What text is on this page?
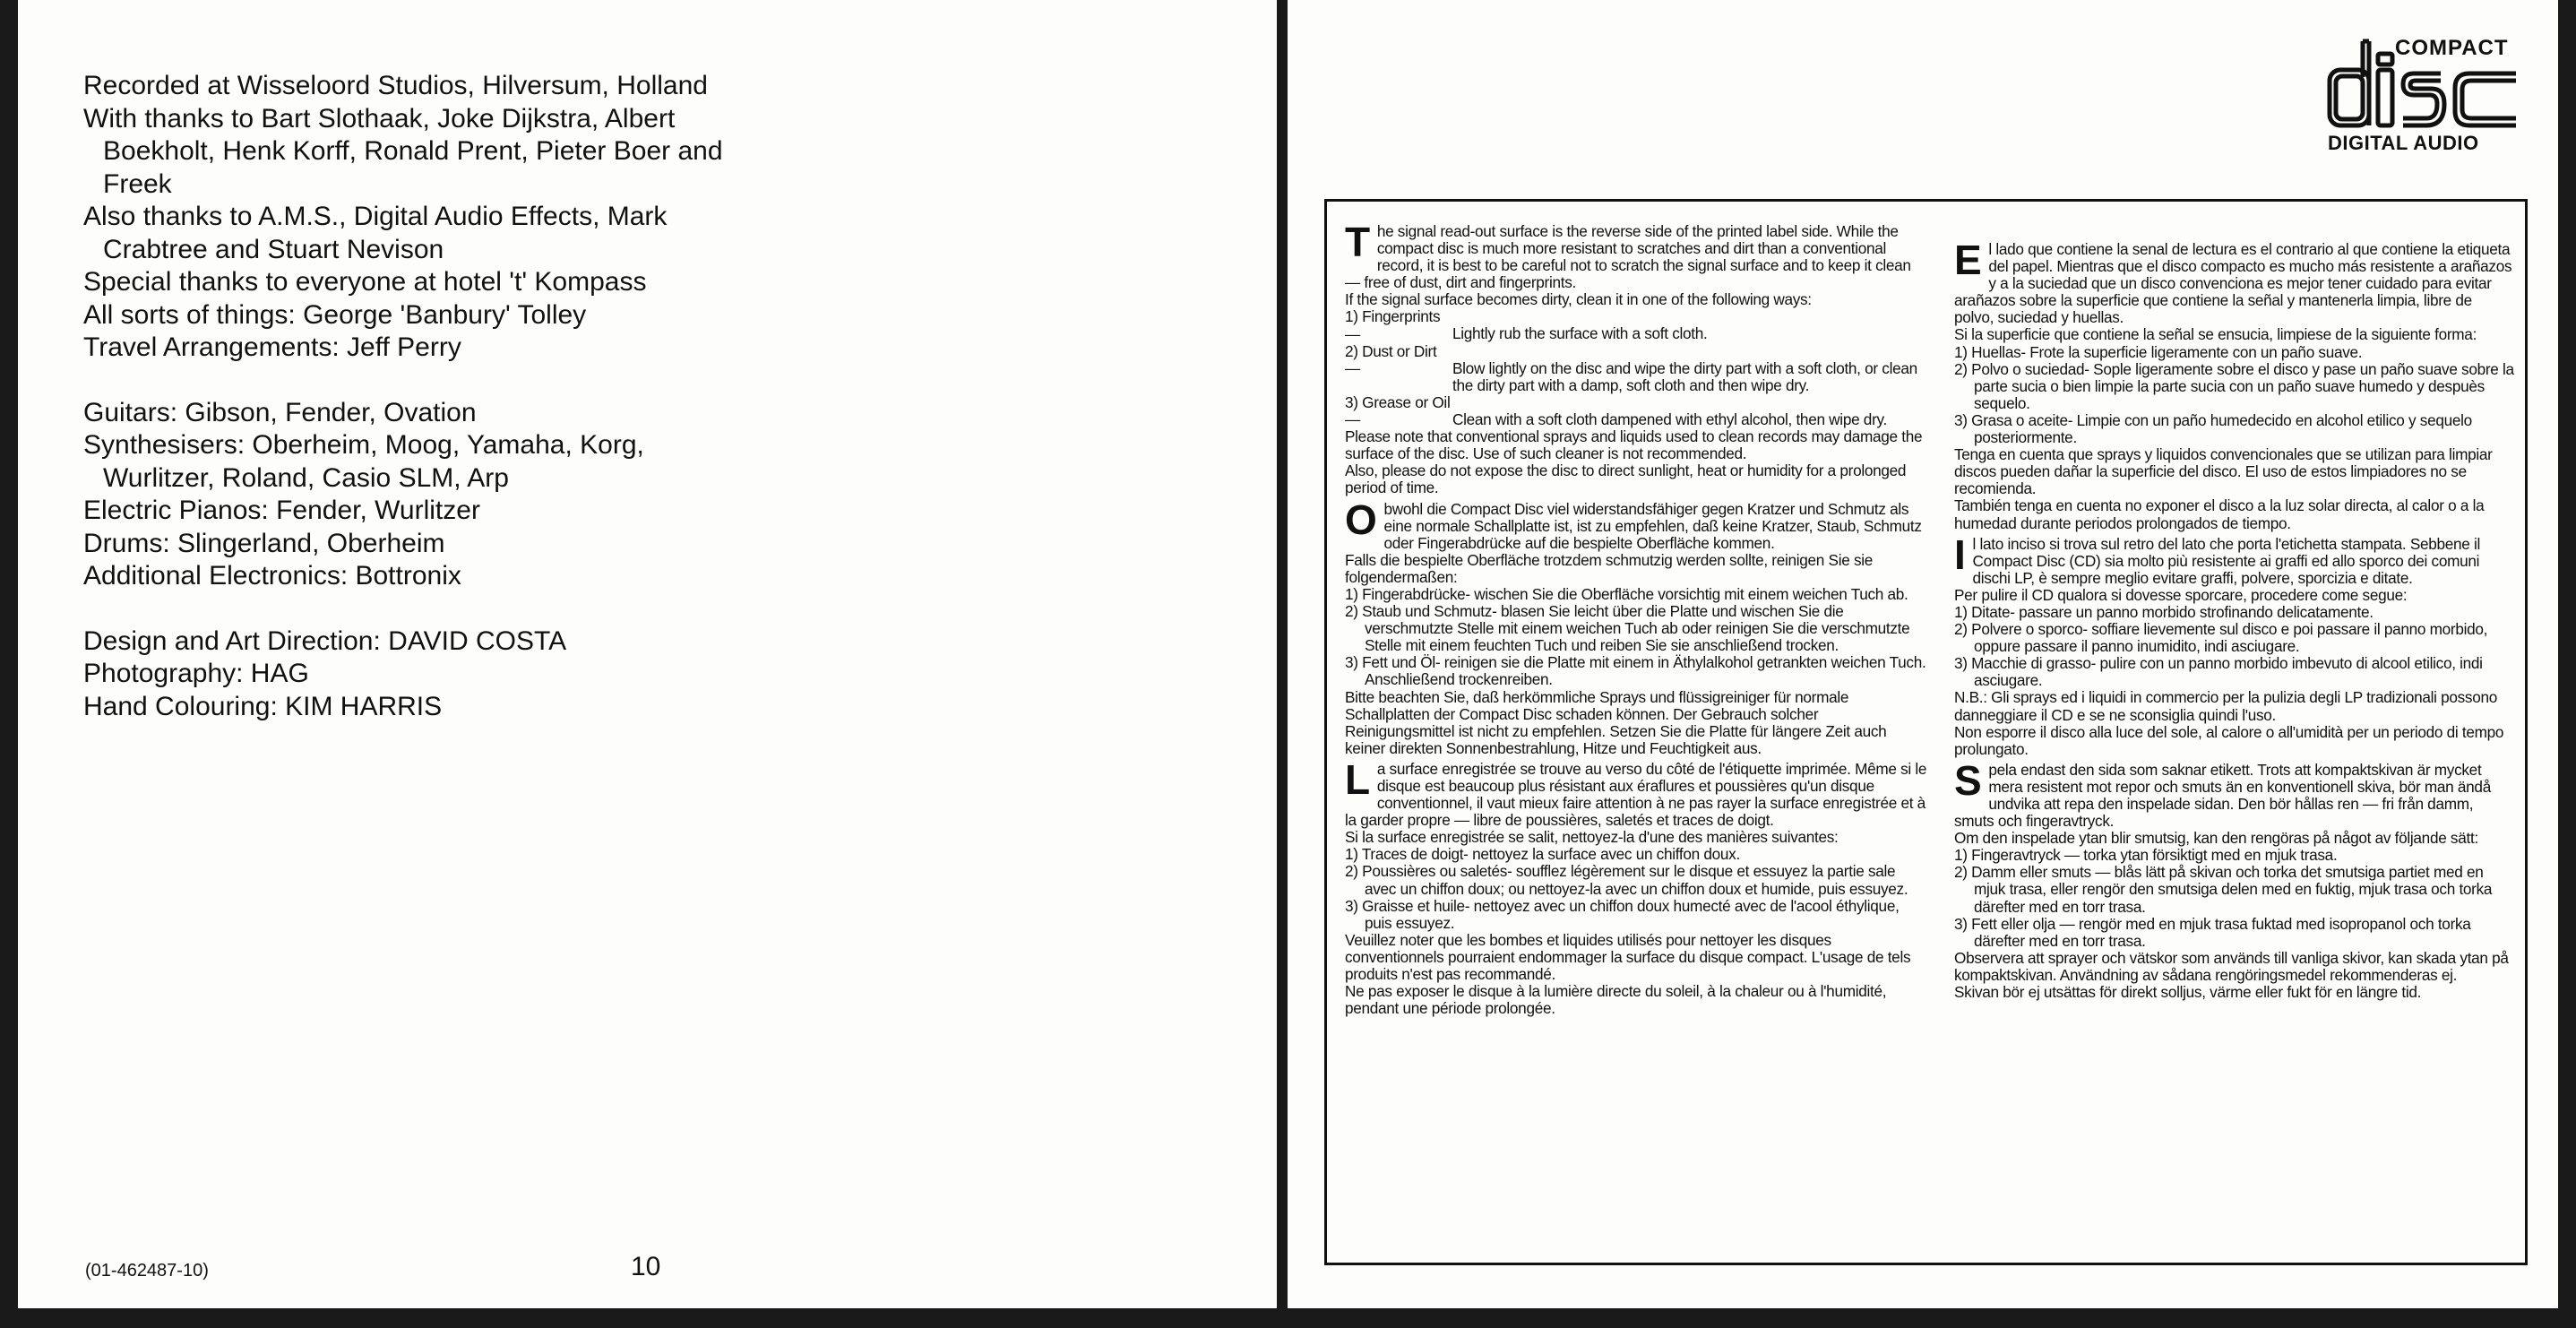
Recorded at Wisseloord Studios, Hilversum, Holland

With thanks to Bart Slothaak, Joke Dijkstra, Albert Boekholt, Henk Korff, Ronald Prent, Pieter Boer and Freek

Also thanks to A.M.S., Digital Audio Effects, Mark Crabtree and Stuart Nevison

Special thanks to everyone at hotel 't' Kompass

All sorts of things: George 'Banbury' Tolley

Travel Arrangements: Jeff Perry

Guitars: Gibson, Fender, Ovation

Synthesisers: Oberheim, Moog, Yamaha, Korg, Wurlitzer, Roland, Casio SLM, Arp

Electric Pianos: Fender, Wurlitzer

Drums: Slingerland, Oberheim

Additional Electronics: Bottronix

Design and Art Direction: DAVID COSTA

Photography: HAG

Hand Colouring: KIM HARRIS

(01-462487-10)	10
COMPACT
DIGITAL AUDIO

The signal read-out surface is the reverse side of the printed label side. While the compact disc is much more resistant to scratches and dirt than a conventional record, it is best to be careful not to scratch the signal surface and to keep it clean — free of dust, dirt and fingerprints.

If the signal surface becomes dirty, clean it in one of the following ways:

1) Fingerprints —	Lightly rub the surface with a soft cloth.

2) Dust or Dirt —	Blow lightly on the disc and wipe the dirty part with a soft cloth, or clean the dirty part with a damp, soft cloth and then wipe dry.

3) Grease or Oil —	Clean with a soft cloth dampened with ethyl alcohol, then wipe dry.

Please note that conventional sprays and liquids used to clean records may damage the surface of the disc. Use of such cleaner is not recommended.

Also, please do not expose the disc to direct sunlight, heat or humidity for a prolonged period of time.

Obwohl die Compact Disc viel widerstandsfähiger gegen Kratzer und Schmutz als eine normale Schallplatte ist, ist zu empfehlen, daß keine Kratzer, Staub, Schmutz oder Fingerabdrücke auf die bespielte Oberfläche kommen.

Falls die bespielte Oberfläche trotzdem schmutzig werden sollte, reinigen Sie sie folgendermaßen:

1) Fingerabdrücke- wischen Sie die Oberfläche vorsichtig mit einem weichen Tuch ab.

2) Staub und Schmutz- blasen Sie leicht über die Platte und wischen Sie die verschmutzte Stelle mit einem weichen Tuch ab oder reinigen Sie die verschmutzte Stelle mit einem feuchten Tuch und reiben Sie sie anschließend trocken.

3) Fett und Öl- reinigen sie die Platte mit einem in Äthylalkohol getrankten weichen Tuch. Anschließend trockenreiben.

Bitte beachten Sie, daß herkömmliche Sprays und flüssigreiniger für normale Schallplatten der Compact Disc schaden können. Der Gebrauch solcher Reinigungsmittel ist nicht zu empfehlen. Setzen Sie die Platte für längere Zeit auch keiner direkten Sonnenbestrahlung, Hitze und Feuchtigkeit aus.

La surface enregistrée se trouve au verso du côté de l'étiquette imprimée. Même si le disque est beaucoup plus résistant aux éraflures et poussières qu'un disque conventionnel, il vaut mieux faire attention à ne pas rayer la surface enregistrée et à la garder propre — libre de poussières, saletés et traces de doigt.

Si la surface enregistrée se salit, nettoyez-la d'une des manières suivantes:

1) Traces de doigt- nettoyez la surface avec un chiffon doux.

2) Poussières ou saletés- soufflez légèrement sur le disque et essuyez la partie sale avec un chiffon doux; ou nettoyez-la avec un chiffon doux et humide, puis essuyez.

3) Graisse et huile- nettoyez avec un chiffon doux humecté avec de l'acool éthylique, puis essuyez.

Veuillez noter que les bombes et liquides utilisés pour nettoyer les disques conventionnels pourraient endommager la surface du disque compact. L'usage de tels produits n'est pas recommandé.

Ne pas exposer le disque à la lumière directe du soleil, à la chaleur ou à l'humidité, pendant une période prolongée.

El lado que contiene la senal de lectura es el contrario al que contiene la etiqueta del papel. Mientras que el disco compacto es mucho más resistente a arañazos y a la suciedad que un disco convenciona es mejor tener cuidado para evitar arañazos sobre la superficie que contiene la señal y mantenerla limpia, libre de polvo, suciedad y huellas.

Si la superficie que contiene la señal se ensucia, limpiese de la siguiente forma:

1) Huellas- Frote la superficie ligeramente con un paño suave.

2) Polvo o suciedad- Sople ligeramente sobre el disco y pase un paño suave sobre la parte sucia o bien limpie la parte sucia con un paño suave humedo y despuès sequelo.

3) Grasa o aceite- Limpie con un paño humedecido en alcohol etilico y sequelo posteriormente.

Tenga en cuenta que sprays y liquidos convencionales que se utilizan para limpiar discos pueden dañar la superficie del disco. El uso de estos limpiadores no se recomienda.

También tenga en cuenta no exponer el disco a la luz solar directa, al calor o a la humedad durante periodos prolongados de tiempo.

Il lato inciso si trova sul retro del lato che porta l'etichetta stampata. Sebbene il Compact Disc (CD) sia molto più resistente ai graffi ed allo sporco dei comuni dischi LP, è sempre meglio evitare graffi, polvere, sporcizia e ditate.

Per pulire il CD qualora si dovesse sporcare, procedere come segue:

1) Ditate- passare un panno morbido strofinando delicatamente.

2) Polvere o sporco- soffiare lievemente sul disco e poi passare il panno morbido, oppure passare il panno inumidito, indi asciugare.

3) Macchie di grasso- pulire con un panno morbido imbevuto di alcool etilico, indi asciugare.

N.B.: Gli sprays ed i liquidi in commercio per la pulizia degli LP tradizionali possono danneggiare il CD e se ne sconsiglia quindi l'uso.

Non esporre il disco alla luce del sole, al calore o all'umidità per un periodo di tempo prolungato.

Spela endast den sida som saknar etikett. Trots att kompaktskivan är mycket mera resistent mot repor och smuts än en konventionell skiva, bör man ändå undvika att repa den inspelade sidan. Den bör hållas ren — fri från damm, smuts och fingeravtryck.

Om den inspelade ytan blir smutsig, kan den rengöras på något av följande sätt:

1) Fingeravtryck — torka ytan försiktigt med en mjuk trasa.

2) Damm eller smuts — blås lätt på skivan och torka det smutsiga partiet med en mjuk trasa, eller rengör den smutsiga delen med en fuktig, mjuk trasa och torka därefter med en torr trasa.

3) Fett eller olja — rengör med en mjuk trasa fuktad med isopropanol och torka därefter med en torr trasa.

Observera att sprayer och vätskor som används till vanliga skivor, kan skada ytan på kompaktskivan. Användning av sådana rengöringsmedel rekommenderas ej.

Skivan bör ej utsättas för direkt solljus, värme eller fukt för en längre tid.
